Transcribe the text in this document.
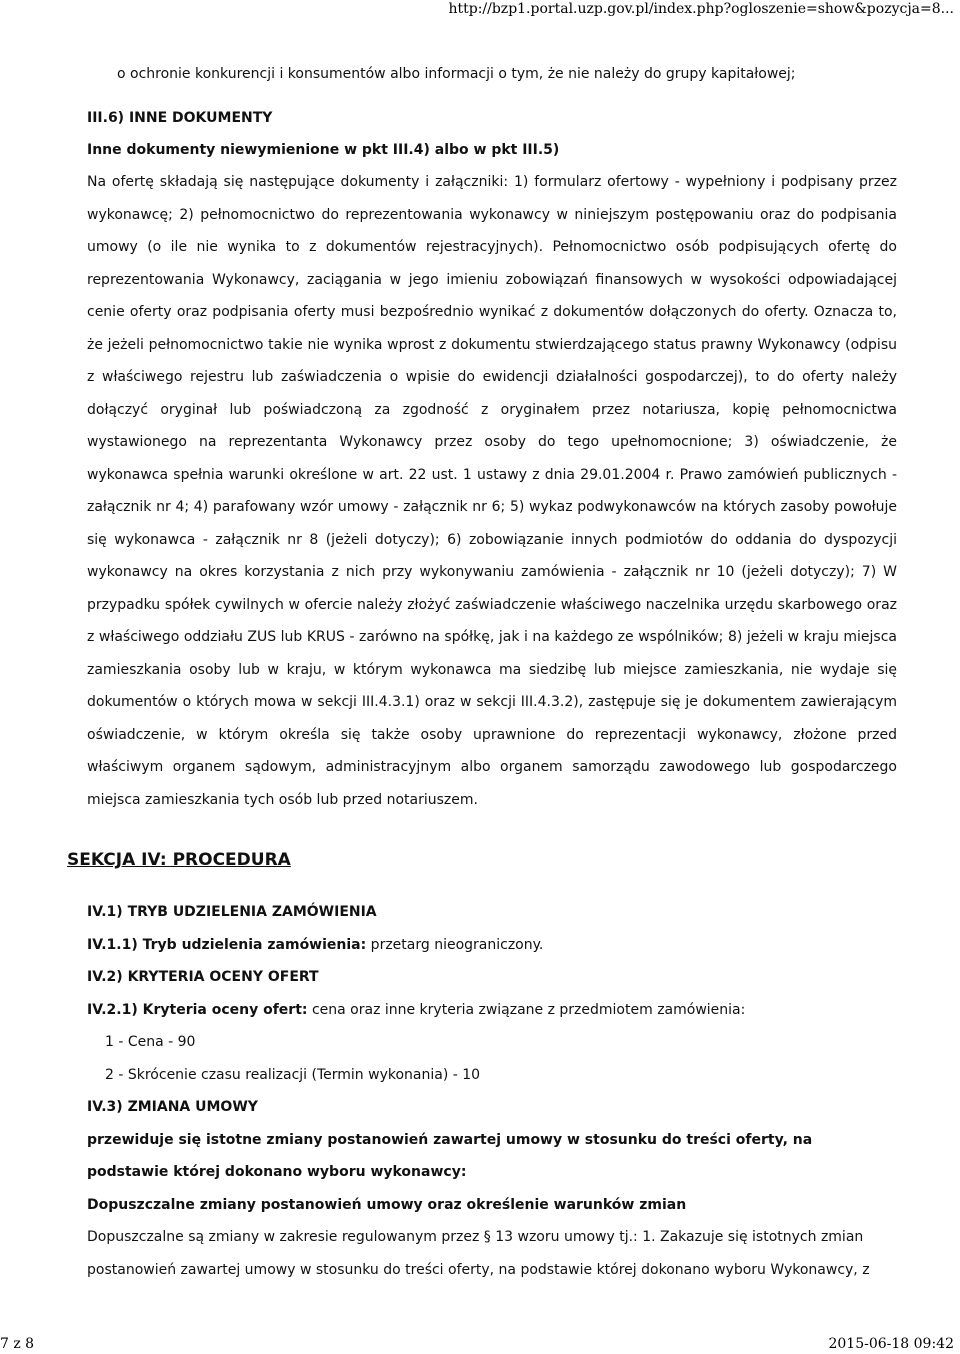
http://bzp1.portal.uzp.gov.pl/index.php?ogloszenie=show&pozycja=8...
o ochronie konkurencji i konsumentów albo informacji o tym, że nie należy do grupy kapitałowej;
III.6) INNE DOKUMENTY
Inne dokumenty niewymienione w pkt III.4) albo w pkt III.5)

Na ofertę składają się następujące dokumenty i załączniki: 1) formularz ofertowy - wypełniony i podpisany przez wykonawcę; 2) pełnomocnictwo do reprezentowania wykonawcy w niniejszym postępowaniu oraz do podpisania umowy (o ile nie wynika to z dokumentów rejestracyjnych). Pełnomocnictwo osób podpisujących ofertę do reprezentowania Wykonawcy, zaciągania w jego imieniu zobowiązań finansowych w wysokości odpowiadającej cenie oferty oraz podpisania oferty musi bezpośrednio wynikać z dokumentów dołączonych do oferty. Oznacza to, że jeżeli pełnomocnictwo takie nie wynika wprost z dokumentu stwierdzającego status prawny Wykonawcy (odpisu z właściwego rejestru lub zaświadczenia o wpisie do ewidencji działalności gospodarczej), to do oferty należy dołączyć oryginał lub poświadczoną za zgodność z oryginałem przez notariusza, kopię pełnomocnictwa wystawionego na reprezentanta Wykonawcy przez osoby do tego upełnomocnione; 3) oświadczenie, że wykonawca spełnia warunki określone w art. 22 ust. 1 ustawy z dnia 29.01.2004 r. Prawo zamówień publicznych - załącznik nr 4; 4) parafowany wzór umowy - załącznik nr 6; 5) wykaz podwykonawców na których zasoby powołuje się wykonawca - załącznik nr 8 (jeżeli dotyczy); 6) zobowiązanie innych podmiotów do oddania do dyspozycji wykonawcy na okres korzystania z nich przy wykonywaniu zamówienia - załącznik nr 10 (jeżeli dotyczy); 7) W przypadku spółek cywilnych w ofercie należy złożyć zaświadczenie właściwego naczelnika urzędu skarbowego oraz z właściwego oddziału ZUS lub KRUS - zarówno na spółkę, jak i na każdego ze wspólników; 8) jeżeli w kraju miejsca zamieszkania osoby lub w kraju, w którym wykonawca ma siedzibę lub miejsce zamieszkania, nie wydaje się dokumentów o których mowa w sekcji III.4.3.1) oraz w sekcji III.4.3.2), zastępuje się je dokumentem zawierającym oświadczenie, w którym określa się także osoby uprawnione do reprezentacji wykonawcy, złożone przed właściwym organem sądowym, administracyjnym albo organem samorządu zawodowego lub gospodarczego miejsca zamieszkania tych osób lub przed notariuszem.

SEKCJA IV: PROCEDURA
IV.1) TRYB UDZIELENIA ZAMÓWIENIA
IV.1.1) Tryb udzielenia zamówienia: przetarg nieograniczony.
IV.2) KRYTERIA OCENY OFERT
IV.2.1) Kryteria oceny ofert: cena oraz inne kryteria związane z przedmiotem zamówienia:
1 - Cena - 90
2 - Skrócenie czasu realizacji (Termin wykonania) - 10
IV.3) ZMIANA UMOWY

przewiduje się istotne zmiany postanowień zawartej umowy w stosunku do treści oferty, na podstawie której dokonano wyboru wykonawcy:

Dopuszczalne zmiany postanowień umowy oraz określenie warunków zmian

Dopuszczalne są zmiany w zakresie regulowanym przez § 13 wzoru umowy tj.: 1. Zakazuje się istotnych zmian postanowień zawartej umowy w stosunku do treści oferty, na podstawie której dokonano wyboru Wykonawcy, z

7 z 8	2015-06-18 09:42
